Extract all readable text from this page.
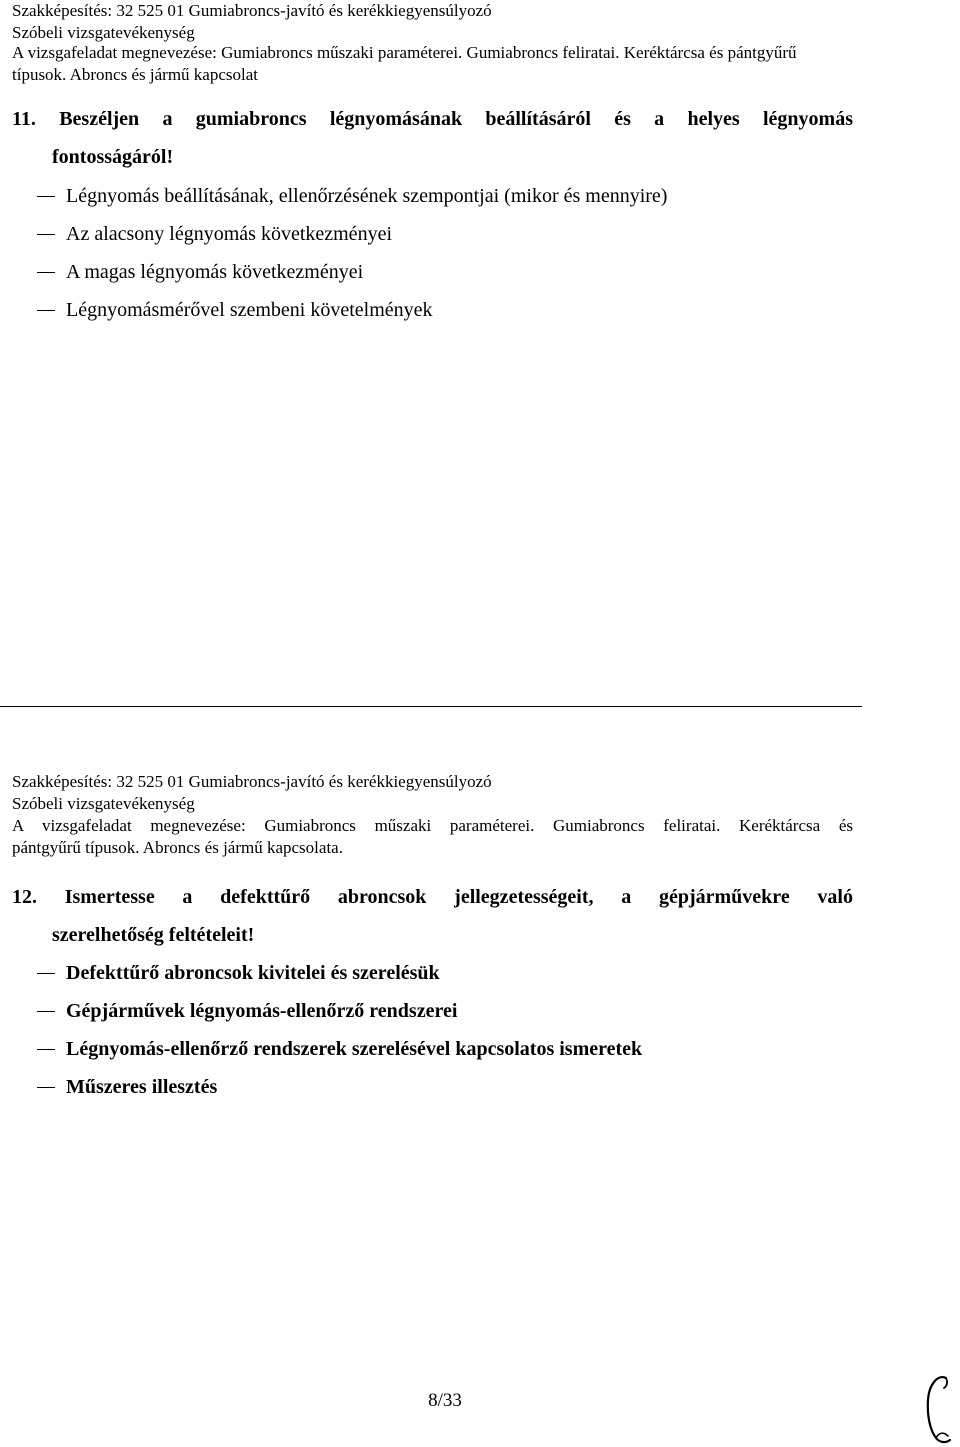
Szakképesítés: 32 525 01 Gumiabroncs-javító és kerékkiegyensúlyozó
Szóbeli vizsgatevékenység
A vizsgafeladat megnevezése: Gumiabroncs műszaki paraméterei. Gumiabroncs feliratai. Keréktárcsa és pántgyűrű
típusok. Abroncs és jármű kapcsolat
11. Beszéljen a gumiabroncs légnyomásának beállításáról és a helyes légnyomás
fontosságáról!
Légnyomás beállításának, ellenőrzésének szempontjai (mikor és mennyire)
Az alacsony légnyomás következményei
A magas légnyomás következményei
Légnyomásmérővel szembeni követelmények
Szakképesítés: 32 525 01 Gumiabroncs-javító és kerékkiegyensúlyozó
Szóbeli vizsgatevékenység
A vizsgafeladat megnevezése: Gumiabroncs műszaki paraméterei. Gumiabroncs feliratai. Keréktárcsa és
pántgyűrű típusok. Abroncs és jármű kapcsolata.
12. Ismertesse a defekttűrő abroncsok jellegzetességeit, a gépjárművekre való
szerelhetőség feltételeit!
Defekttűrő abroncsok kivitelei és szerelésük
Gépjárművek légnyomás-ellenőrző rendszerei
Légnyomás-ellenőrző rendszerek szerelésével kapcsolatos ismeretek
Műszeres illesztés
8/33
